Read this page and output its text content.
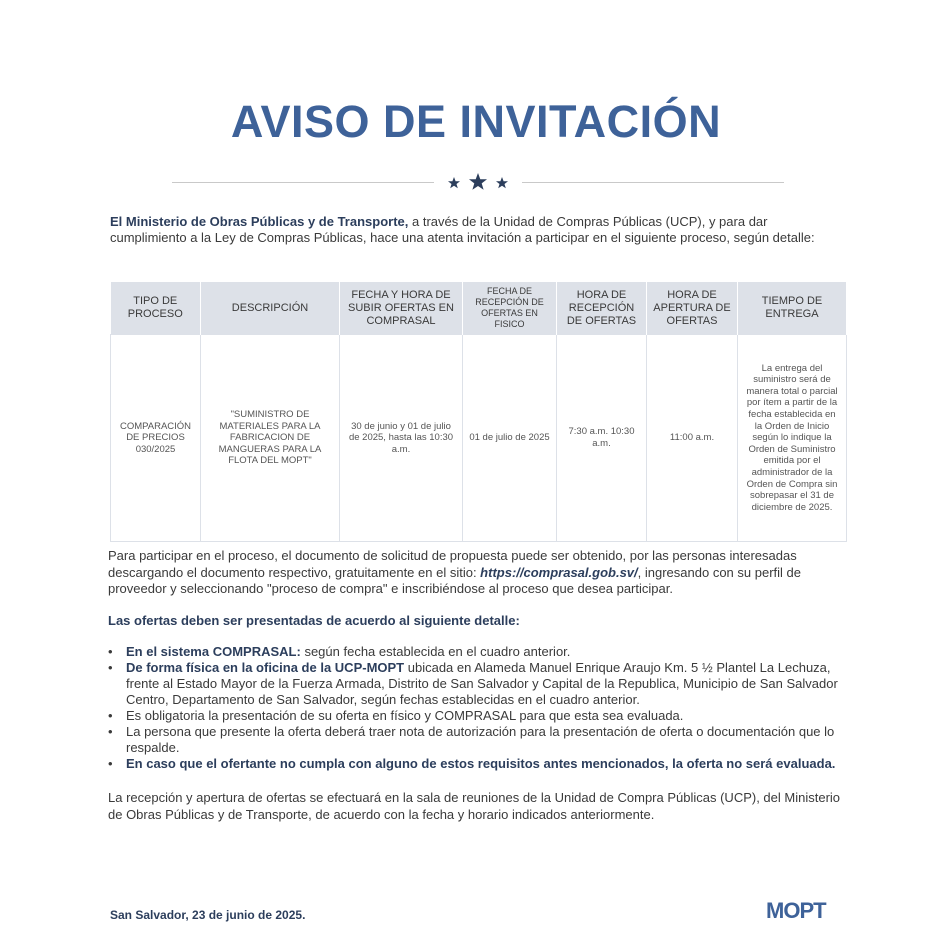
AVISO DE INVITACIÓN

El Ministerio de Obras Públicas y de Transporte, a través de la Unidad de Compras Públicas (UCP), y para dar cumplimiento a la Ley de Compras Públicas, hace una atenta invitación a participar en el siguiente proceso, según detalle:

TIPO DE PROCESO	DESCRIPCIÓN	FECHA Y HORA DE SUBIR OFERTAS EN COMPRASAL	FECHA DE RECEPCIÓN DE OFERTAS EN FISICO	HORA DE RECEPCIÓN DE OFERTAS	HORA DE APERTURA DE OFERTAS	TIEMPO DE ENTREGA
COMPARACIÓN DE PRECIOS 030/2025	"SUMINISTRO DE MATERIALES PARA LA FABRICACION DE MANGUERAS PARA LA FLOTA DEL MOPT"	30 de junio y 01 de julio de 2025, hasta las 10:30 a.m.	01 de julio de 2025	7:30 a.m. 10:30 a.m.	11:00 a.m.	La entrega del suministro será de manera total o parcial por ítem a partir de la fecha establecida en la Orden de Inicio según lo indique la Orden de Suministro emitida por el administrador de la Orden de Compra sin sobrepasar el 31 de diciembre de 2025.

Para participar en el proceso, el documento de solicitud de propuesta puede ser obtenido, por las personas interesadas descargando el documento respectivo, gratuitamente en el sitio: https://comprasal.gob.sv/, ingresando con su perfil de proveedor y seleccionando "proceso de compra" e inscribiéndose al proceso que desea participar.

Las ofertas deben ser presentadas de acuerdo al siguiente detalle:

• En el sistema COMPRASAL: según fecha establecida en el cuadro anterior.
• De forma física en la oficina de la UCP-MOPT ubicada en Alameda Manuel Enrique Araujo Km. 5 ½ Plantel La Lechuza, frente al Estado Mayor de la Fuerza Armada, Distrito de San Salvador y Capital de la Republica, Municipio de San Salvador Centro, Departamento de San Salvador, según fechas establecidas en el cuadro anterior.
• Es obligatoria la presentación de su oferta en físico y COMPRASAL para que esta sea evaluada.
• La persona que presente la oferta deberá traer nota de autorización para la presentación de oferta o documentación que lo respalde.
• En caso que el ofertante no cumpla con alguno de estos requisitos antes mencionados, la oferta no será evaluada.

La recepción y apertura de ofertas se efectuará en la sala de reuniones de la Unidad de Compra Públicas (UCP), del Ministerio de Obras Públicas y de Transporte, de acuerdo con la fecha y horario indicados anteriormente.

San Salvador, 23 de junio de 2025.	MOPT
